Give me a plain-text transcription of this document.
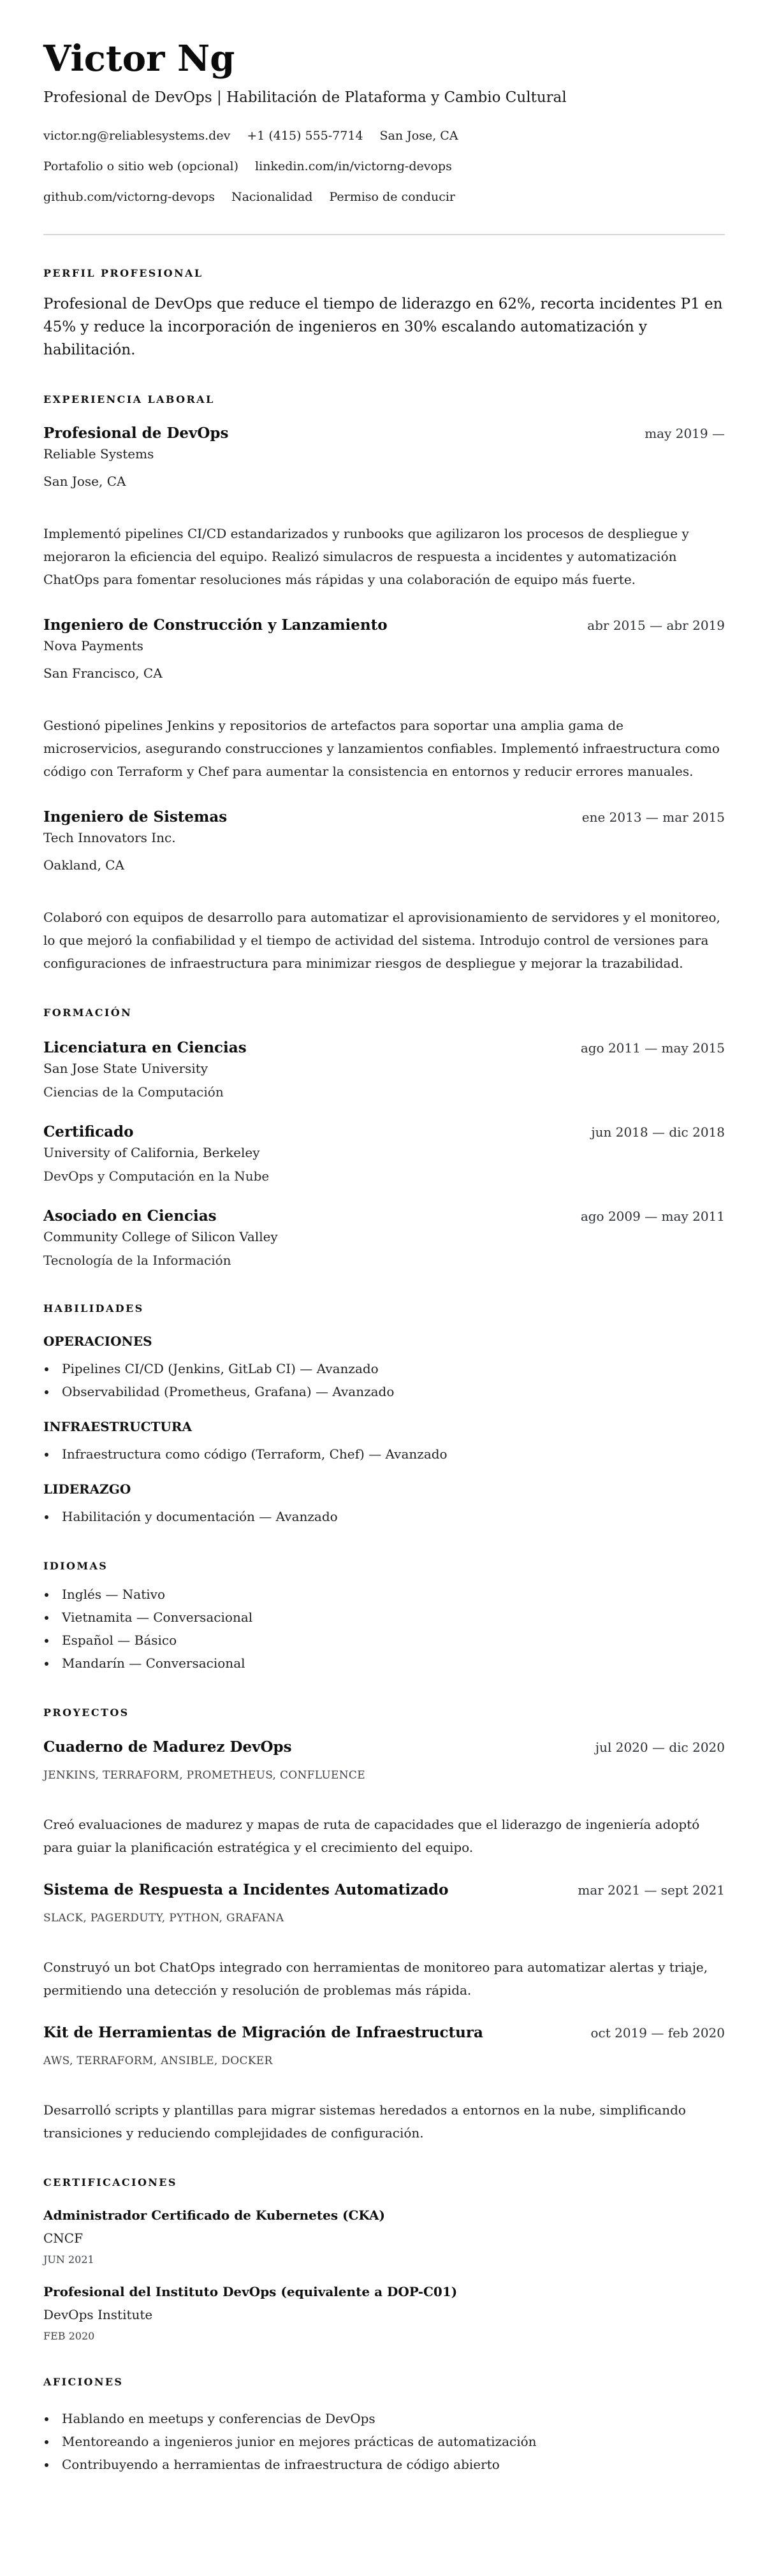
Victor Ng
Profesional de DevOps | Habilitación de Plataforma y Cambio Cultural
victor.ng@reliablesystems.dev +1 (415) 555-7714 San Jose, CA
Portafolio o sitio web (opcional) linkedin.com/in/victorng-devops
github.com/victorng-devops Nacionalidad Permiso de conducir
PERFIL PROFESIONAL
Profesional de DevOps que reduce el tiempo de liderazgo en 62%, recorta incidentes P1 en 45% y reduce la incorporación de ingenieros en 30% escalando automatización y habilitación.
EXPERIENCIA LABORAL
Profesional de DevOps	may 2019 —
Reliable Systems
San Jose, CA
Implementó pipelines CI/CD estandarizados y runbooks que agilizaron los procesos de despliegue y mejoraron la eficiencia del equipo. Realizó simulacros de respuesta a incidentes y automatización ChatOps para fomentar resoluciones más rápidas y una colaboración de equipo más fuerte.
Ingeniero de Construcción y Lanzamiento	abr 2015 — abr 2019
Nova Payments
San Francisco, CA
Gestionó pipelines Jenkins y repositorios de artefactos para soportar una amplia gama de microservicios, asegurando construcciones y lanzamientos confiables. Implementó infraestructura como código con Terraform y Chef para aumentar la consistencia en entornos y reducir errores manuales.
Ingeniero de Sistemas	ene 2013 — mar 2015
Tech Innovators Inc.
Oakland, CA
Colaboró con equipos de desarrollo para automatizar el aprovisionamiento de servidores y el monitoreo, lo que mejoró la confiabilidad y el tiempo de actividad del sistema. Introdujo control de versiones para configuraciones de infraestructura para minimizar riesgos de despliegue y mejorar la trazabilidad.
FORMACIÓN
Licenciatura en Ciencias	ago 2011 — may 2015
San Jose State University
Ciencias de la Computación
Certificado	jun 2018 — dic 2018
University of California, Berkeley
DevOps y Computación en la Nube
Asociado en Ciencias	ago 2009 — may 2011
Community College of Silicon Valley
Tecnología de la Información
HABILIDADES
OPERACIONES
Pipelines CI/CD (Jenkins, GitLab CI) — Avanzado
Observabilidad (Prometheus, Grafana) — Avanzado
INFRAESTRUCTURA
Infraestructura como código (Terraform, Chef) — Avanzado
LIDERAZGO
Habilitación y documentación — Avanzado
IDIOMAS
Inglés — Nativo
Vietnamita — Conversacional
Español — Básico
Mandarín — Conversacional
PROYECTOS
Cuaderno de Madurez DevOps	jul 2020 — dic 2020
JENKINS, TERRAFORM, PROMETHEUS, CONFLUENCE
Creó evaluaciones de madurez y mapas de ruta de capacidades que el liderazgo de ingeniería adoptó para guiar la planificación estratégica y el crecimiento del equipo.
Sistema de Respuesta a Incidentes Automatizado	mar 2021 — sept 2021
SLACK, PAGERDUTY, PYTHON, GRAFANA
Construyó un bot ChatOps integrado con herramientas de monitoreo para automatizar alertas y triaje, permitiendo una detección y resolución de problemas más rápida.
Kit de Herramientas de Migración de Infraestructura	oct 2019 — feb 2020
AWS, TERRAFORM, ANSIBLE, DOCKER
Desarrolló scripts y plantillas para migrar sistemas heredados a entornos en la nube, simplificando transiciones y reduciendo complejidades de configuración.
CERTIFICACIONES
Administrador Certificado de Kubernetes (CKA)
CNCF
JUN 2021
Profesional del Instituto DevOps (equivalente a DOP-C01)
DevOps Institute
FEB 2020
AFICIONES
Hablando en meetups y conferencias de DevOps
Mentoreando a ingenieros junior en mejores prácticas de automatización
Contribuyendo a herramientas de infraestructura de código abierto
